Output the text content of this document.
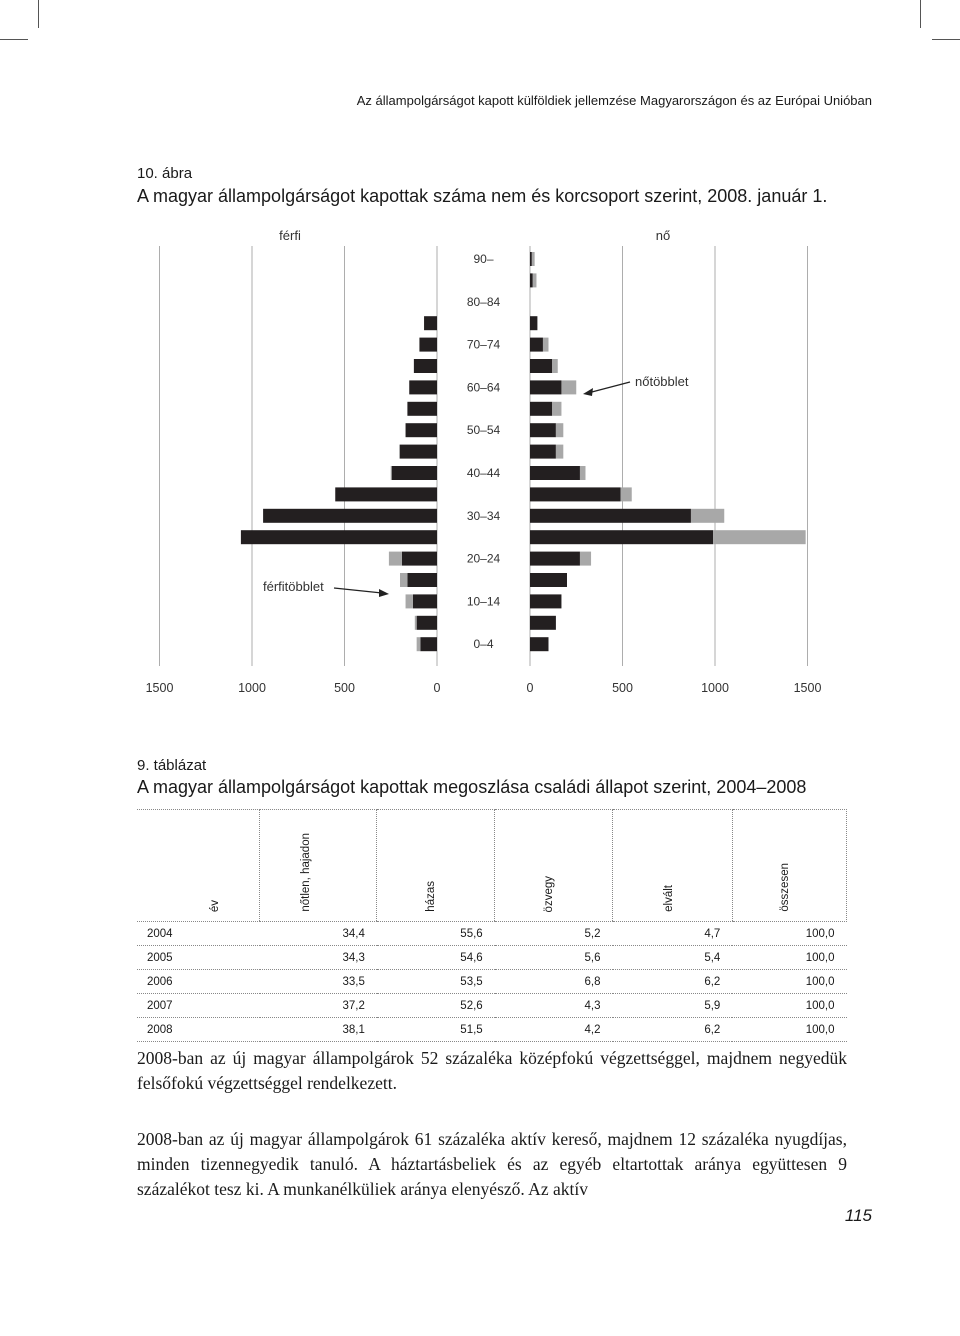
Az állampolgárságot kapott külföldiek jellemzése Magyarországon és az Európai Unióban
10. ábra
A magyar állampolgárságot kapottak száma nem és korcsoport szerint, 2008. január 1.
90–
80–84
70–74
60–64
50–54
40–44
30–34
20–24
10–14
0–4
1500	1000	500	0	0	500	1000	1500
férfi	nő
nőtöbblet
férfitöbblet
9. táblázat
A magyar állampolgárságot kapottak megoszlása családi állapot szerint, 2004–2008
év	nőtlen, hajadon	házas	özvegy	elvált	összesen
2004	34,4	55,6	5,2	4,7	100,0
2005	34,3	54,6	5,6	5,4	100,0
2006	33,5	53,5	6,8	6,2	100,0
2007	37,2	52,6	4,3	5,9	100,0
2008	38,1	51,5	4,2	6,2	100,0

2008-ban az új magyar állampolgárok 52 százaléka középfokú végzettséggel, majdnem negyedük felsőfokú végzettséggel rendelkezett.

2008-ban az új magyar állampolgárok 61 százaléka aktív kereső, majdnem 12 százaléka nyugdíjas, minden tizennegyedik tanuló. A háztartásbeliek és az egyéb eltartottak aránya együttesen 9 százalékot tesz ki. A munkanélküliek aránya elenyésző. Az aktív

115
